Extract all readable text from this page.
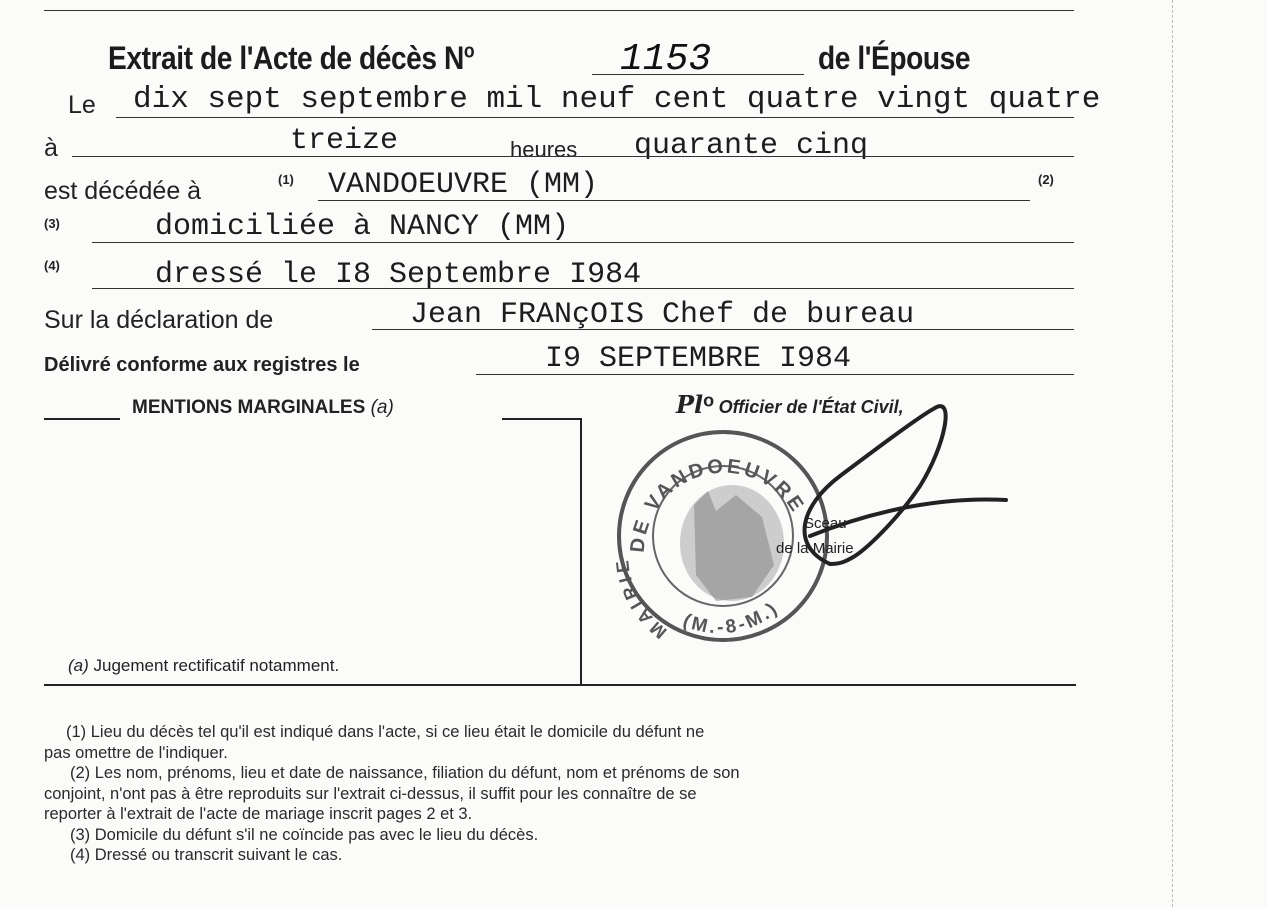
Extrait de l'Acte de décès $N^o$	1153	de l'Épouse
Le dix sept septembre mil neuf cent quatre vingt quatre
à	treize	heures quarante cinq
est décédée à	(1) VANDOEUVRE (MM)	(2)
(3)	domiciliée à NANCY (MM)
(4)	dressé le I8 Septembre I984
Sur la déclaration de	Jean FRANçOIS Chef de bureau
Délivré conforme aux registres le	I9 SEPTEMBRE I984
MENTIONS MARGINALES (a)
(a) Jugement rectificatif notamment.
Pl$^o$ Officier de l'État Civil,
DE VANDOEUVRE
MAIRIE
(M.-8-M.)
Sceau
de la Mairie
(1) Lieu du décès tel qu'il est indiqué dans l'acte, si ce lieu était le domicile du défunt ne
pas omettre de l'indiquer.
(2) Les nom, prénoms, lieu et date de naissance, filiation du défunt, nom et prénoms de son
conjoint, n'ont pas à être reproduits sur l'extrait ci-dessus, il suffit pour les connaître de se
reporter à l'extrait de l'acte de mariage inscrit pages 2 et 3.
(3) Domicile du défunt s'il ne coïncide pas avec le lieu du décès.
(4) Dressé ou transcrit suivant le cas.
